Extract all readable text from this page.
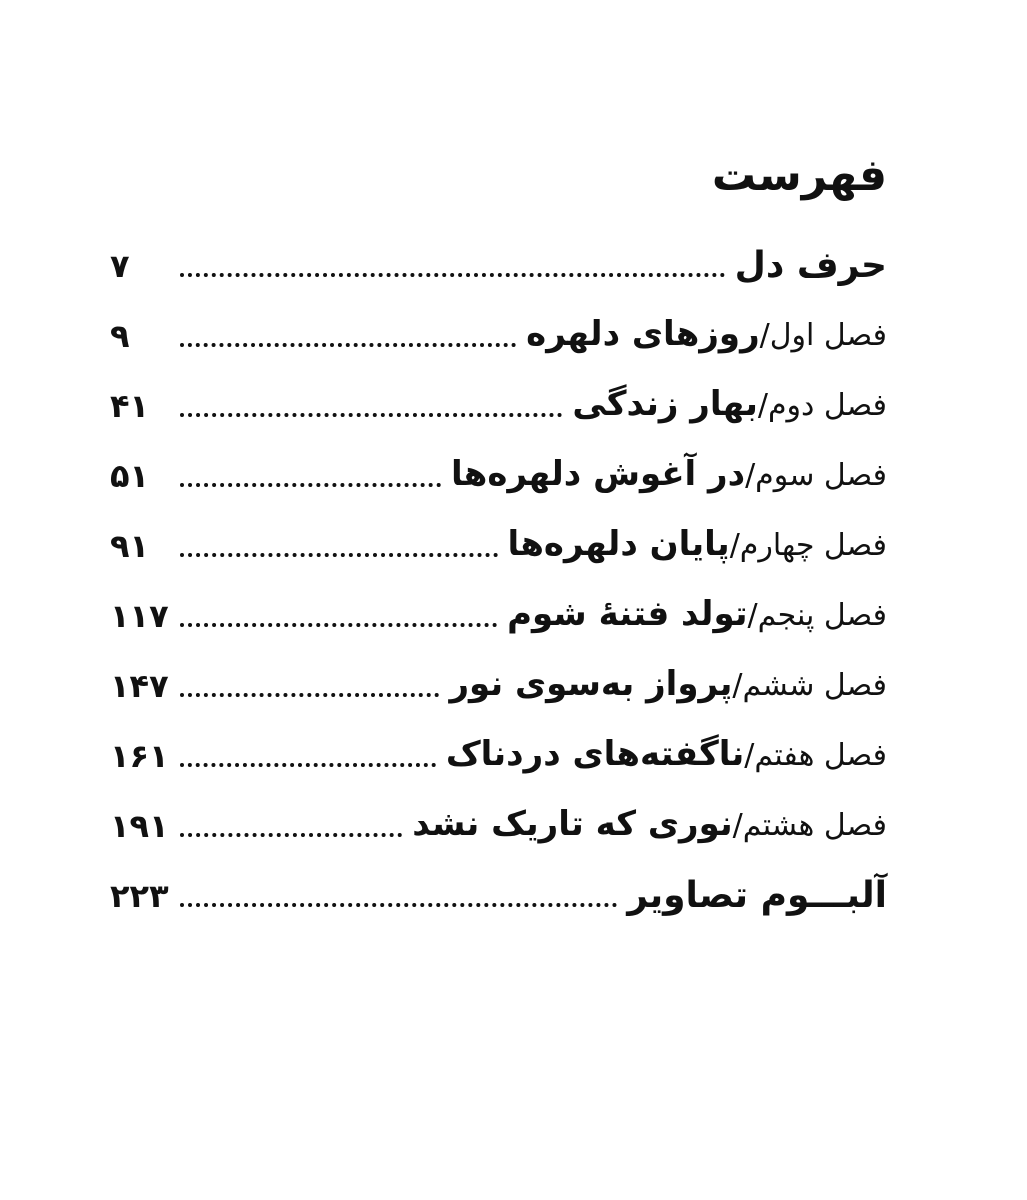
فهرست
حرف دل
۷
فصل اول/روزهای دلهره
۹
فصل دوم/بهار زندگی
۴۱
فصل سوم/در آغوش دلهره‌ها
۵۱
فصل چهارم/پایان دلهره‌ها
۹۱
فصل پنجم/تولد فتنۀ شوم
۱۱۷
فصل ششم/پرواز به‌سوی نور
۱۴۷
فصل هفتم/ناگفته‌های دردناک
۱۶۱
فصل هشتم/نوری که تاریک نشد
۱۹۱
آلبـــوم تصاویر
۲۲۳
